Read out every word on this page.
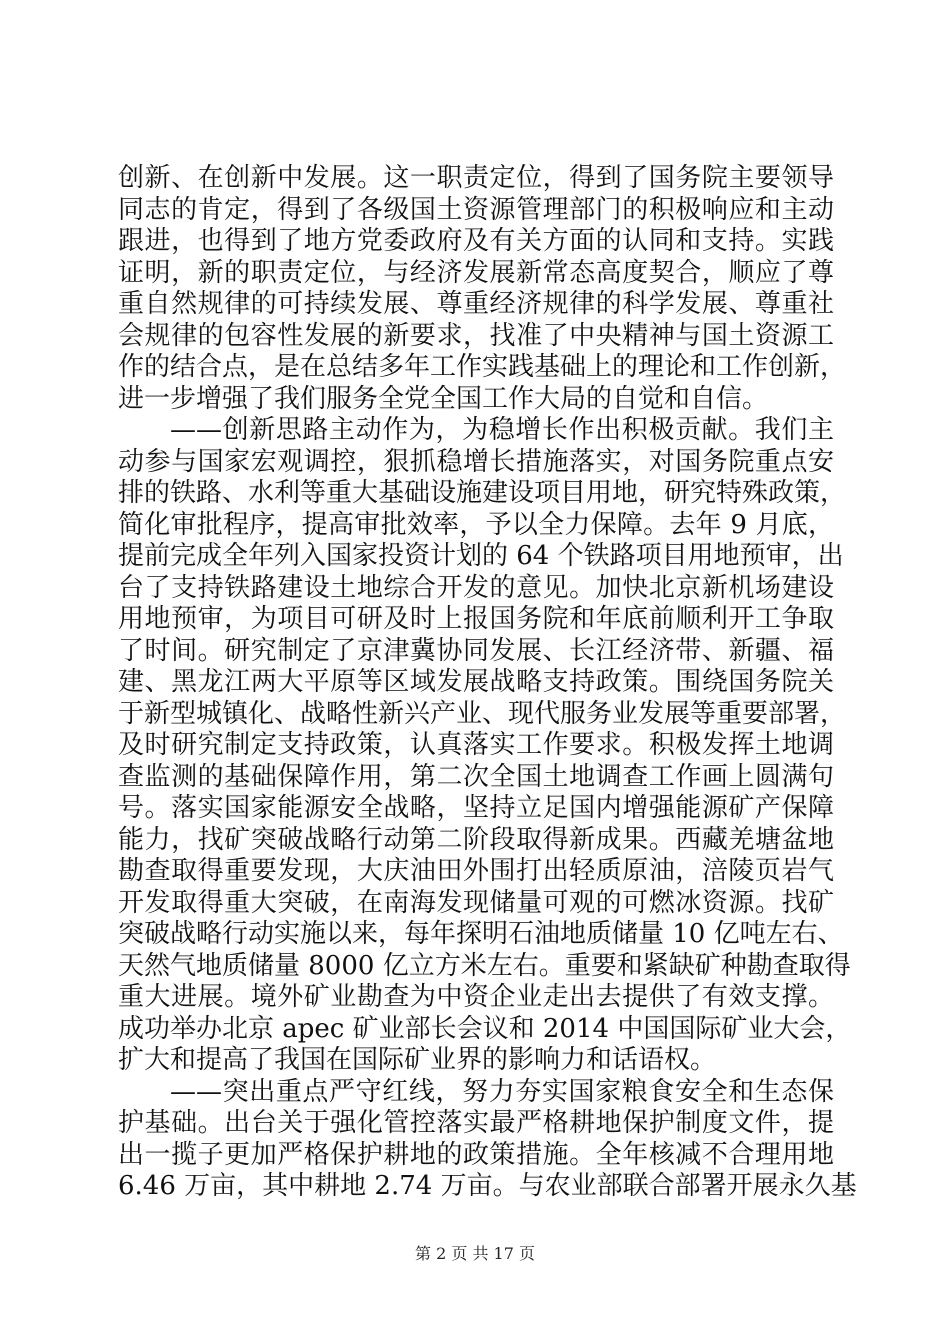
创新、在创新中发展。这一职责定位，得到了国务院主要领导
同志的肯定，得到了各级国土资源管理部门的积极响应和主动
跟进，也得到了地方党委政府及有关方面的认同和支持。实践
证明，新的职责定位，与经济发展新常态高度契合，顺应了尊
重自然规律的可持续发展、尊重经济规律的科学发展、尊重社
会规律的包容性发展的新要求，找准了中央精神与国土资源工
作的结合点，是在总结多年工作实践基础上的理论和工作创新，
进一步增强了我们服务全党全国工作大局的自觉和自信。
——创新思路主动作为，为稳增长作出积极贡献。我们主
动参与国家宏观调控，狠抓稳增长措施落实，对国务院重点安
排的铁路、水利等重大基础设施建设项目用地，研究特殊政策，
简化审批程序，提高审批效率，予以全力保障。去年 9 月底，
提前完成全年列入国家投资计划的 64 个铁路项目用地预审，出
台了支持铁路建设土地综合开发的意见。加快北京新机场建设
用地预审，为项目可研及时上报国务院和年底前顺利开工争取
了时间。研究制定了京津冀协同发展、长江经济带、新疆、福
建、黑龙江两大平原等区域发展战略支持政策。围绕国务院关
于新型城镇化、战略性新兴产业、现代服务业发展等重要部署，
及时研究制定支持政策，认真落实工作要求。积极发挥土地调
查监测的基础保障作用，第二次全国土地调查工作画上圆满句
号。落实国家能源安全战略，坚持立足国内增强能源矿产保障
能力，找矿突破战略行动第二阶段取得新成果。西藏羌塘盆地
勘查取得重要发现，大庆油田外围打出轻质原油，涪陵页岩气
开发取得重大突破，在南海发现储量可观的可燃冰资源。找矿
突破战略行动实施以来，每年探明石油地质储量 10 亿吨左右、
天然气地质储量 8000 亿立方米左右。重要和紧缺矿种勘查取得
重大进展。境外矿业勘查为中资企业走出去提供了有效支撑。
成功举办北京 apec 矿业部长会议和 2014 中国国际矿业大会，
扩大和提高了我国在国际矿业界的影响力和话语权。
——突出重点严守红线，努力夯实国家粮食安全和生态保
护基础。出台关于强化管控落实最严格耕地保护制度文件，提
出一揽子更加严格保护耕地的政策措施。全年核减不合理用地
6.46 万亩，其中耕地 2.74 万亩。与农业部联合部署开展永久基
第 2 页 共 17 页
